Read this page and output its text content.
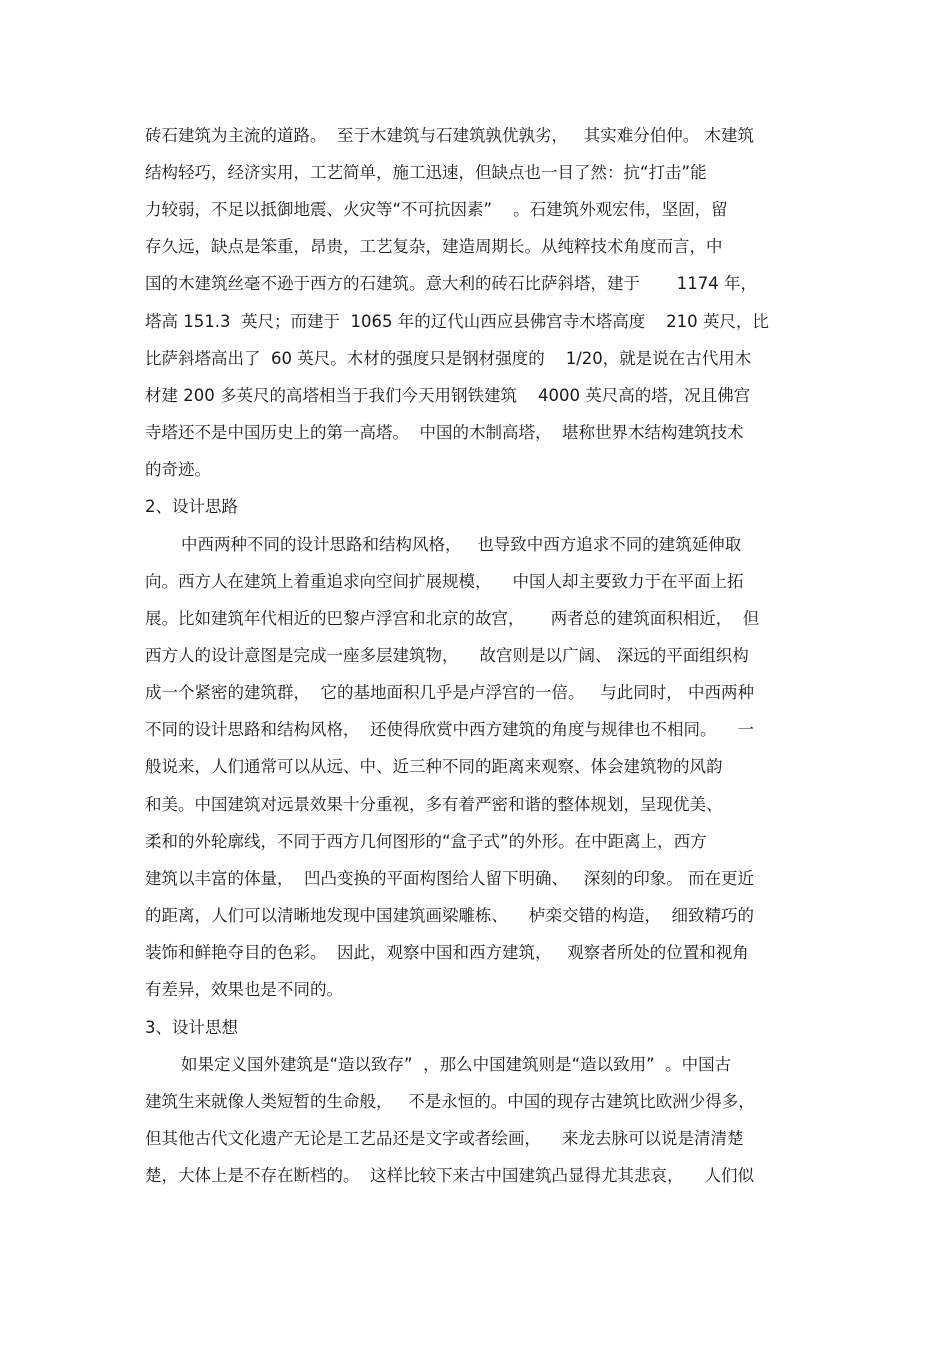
砖石建筑为主流的道路。  至于木建筑与石建筑孰优孰劣，   其实难分伯仲。 木建筑
结构轻巧，经济实用，工艺简单，施工迅速，但缺点也一目了然：抗“打击”能
力较弱，不足以抵御地震、火灾等“不可抗因素”    。石建筑外观宏伟，坚固，留
存久远，缺点是笨重，昂贵，工艺复杂，建造周期长。从纯粹技术角度而言，中
国的木建筑丝毫不逊于西方的石建筑。意大利的砖石比萨斜塔，建于       1174 年，
塔高 151.3  英尺；而建于  1065 年的辽代山西应县佛宫寺木塔高度    210 英尺，比
比萨斜塔高出了  60 英尺。木材的强度只是钢材强度的    1/20，就是说在古代用木
材建 200 多英尺的高塔相当于我们今天用钢铁建筑    4000 英尺高的塔，况且佛宫
寺塔还不是中国历史上的第一高塔。  中国的木制高塔，  堪称世界木结构建筑技术
的奇迹。
2、设计思路
中西两种不同的设计思路和结构风格，   也导致中西方追求不同的建筑延伸取
向。西方人在建筑上着重追求向空间扩展规模，    中国人却主要致力于在平面上拓
展。比如建筑年代相近的巴黎卢浮宫和北京的故宫，     两者总的建筑面积相近，  但
西方人的设计意图是完成一座多层建筑物，    故宫则是以广阔、 深远的平面组织构
成一个紧密的建筑群，  它的基地面积几乎是卢浮宫的一倍。   与此同时， 中西两种
不同的设计思路和结构风格，  还使得欣赏中西方建筑的角度与规律也不相同。    一
般说来，人们通常可以从远、中、近三种不同的距离来观察、体会建筑物的风韵
和美。中国建筑对远景效果十分重视，多有着严密和谐的整体规划，呈现优美、
柔和的外轮廓线，不同于西方几何图形的“盒子式”的外形。在中距离上，西方
建筑以丰富的体量，  凹凸变换的平面构图给人留下明确、   深刻的印象。 而在更近
的距离，人们可以清晰地发现中国建筑画梁雕栋、    栌栾交错的构造，  细致精巧的
装饰和鲜艳夺目的色彩。  因此，观察中国和西方建筑，   观察者所处的位置和视角
有差异，效果也是不同的。
3、设计思想
如果定义国外建筑是“造以致存”  ，那么中国建筑则是“造以致用”  。中国古
建筑生来就像人类短暂的生命般，   不是永恒的。中国的现存古建筑比欧洲少得多，
但其他古代文化遗产无论是工艺品还是文字或者绘画，    来龙去脉可以说是清清楚
楚，大体上是不存在断档的。  这样比较下来古中国建筑凸显得尤其悲哀，    人们似
